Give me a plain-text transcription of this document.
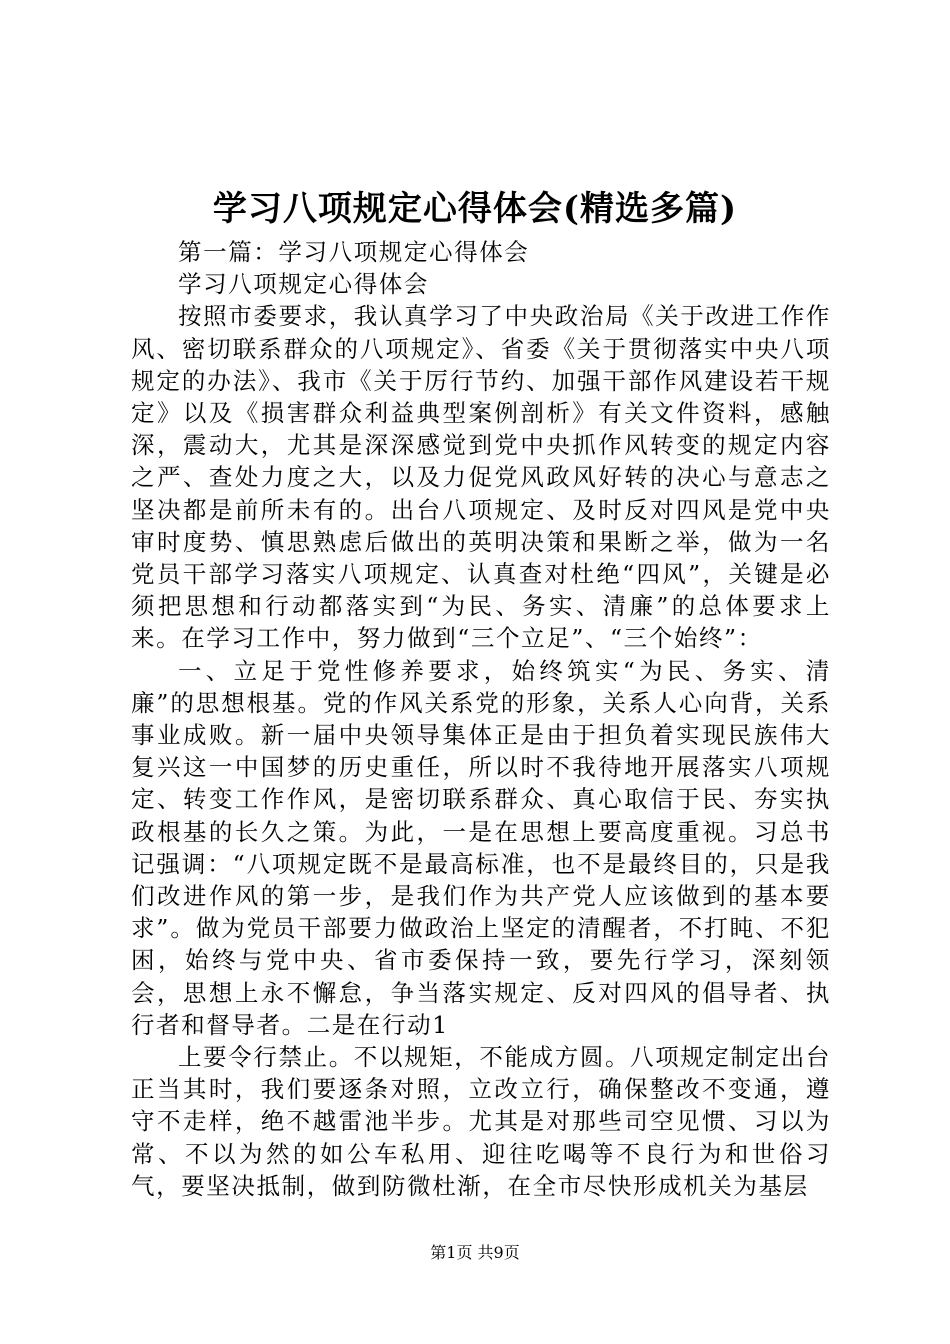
学习八项规定心得体会(精选多篇)

第一篇：学习八项规定心得体会

学习八项规定心得体会

按照市委要求，我认真学习了中央政治局《关于改进工作作风、密切联系群众的八项规定》、省委《关于贯彻落实中央八项规定的办法》、我市《关于厉行节约、加强干部作风建设若干规定》以及《损害群众利益典型案例剖析》有关文件资料，感触深，震动大，尤其是深深感觉到党中央抓作风转变的规定内容之严、查处力度之大，以及力促党风政风好转的决心与意志之坚决都是前所未有的。出台八项规定、及时反对四风是党中央审时度势、慎思熟虑后做出的英明决策和果断之举，做为一名党员干部学习落实八项规定、认真查对杜绝“四风”，关键是必须把思想和行动都落实到“为民、务实、清廉”的总体要求上来。在学习工作中，努力做到“三个立足”、“三个始终”：

一、立足于党性修养要求，始终筑实“为民、务实、清廉”的思想根基。党的作风关系党的形象，关系人心向背，关系事业成败。新一届中央领导集体正是由于担负着实现民族伟大复兴这一中国梦的历史重任，所以时不我待地开展落实八项规定、转变工作作风，是密切联系群众、真心取信于民、夯实执政根基的长久之策。为此，一是在思想上要高度重视。习总书记强调：“八项规定既不是最高标准，也不是最终目的，只是我们改进作风的第一步，是我们作为共产党人应该做到的基本要求”。做为党员干部要力做政治上坚定的清醒者，不打盹、不犯困，始终与党中央、省市委保持一致，要先行学习，深刻领会，思想上永不懈怠，争当落实规定、反对四风的倡导者、执行者和督导者。二是在行动1

上要令行禁止。不以规矩，不能成方圆。八项规定制定出台正当其时，我们要逐条对照，立改立行，确保整改不变通，遵守不走样，绝不越雷池半步。尤其是对那些司空见惯、习以为常、不以为然的如公车私用、迎往吃喝等不良行为和世俗习气，要坚决抵制，做到防微杜渐，在全市尽快形成机关为基层

第1页 共9页
